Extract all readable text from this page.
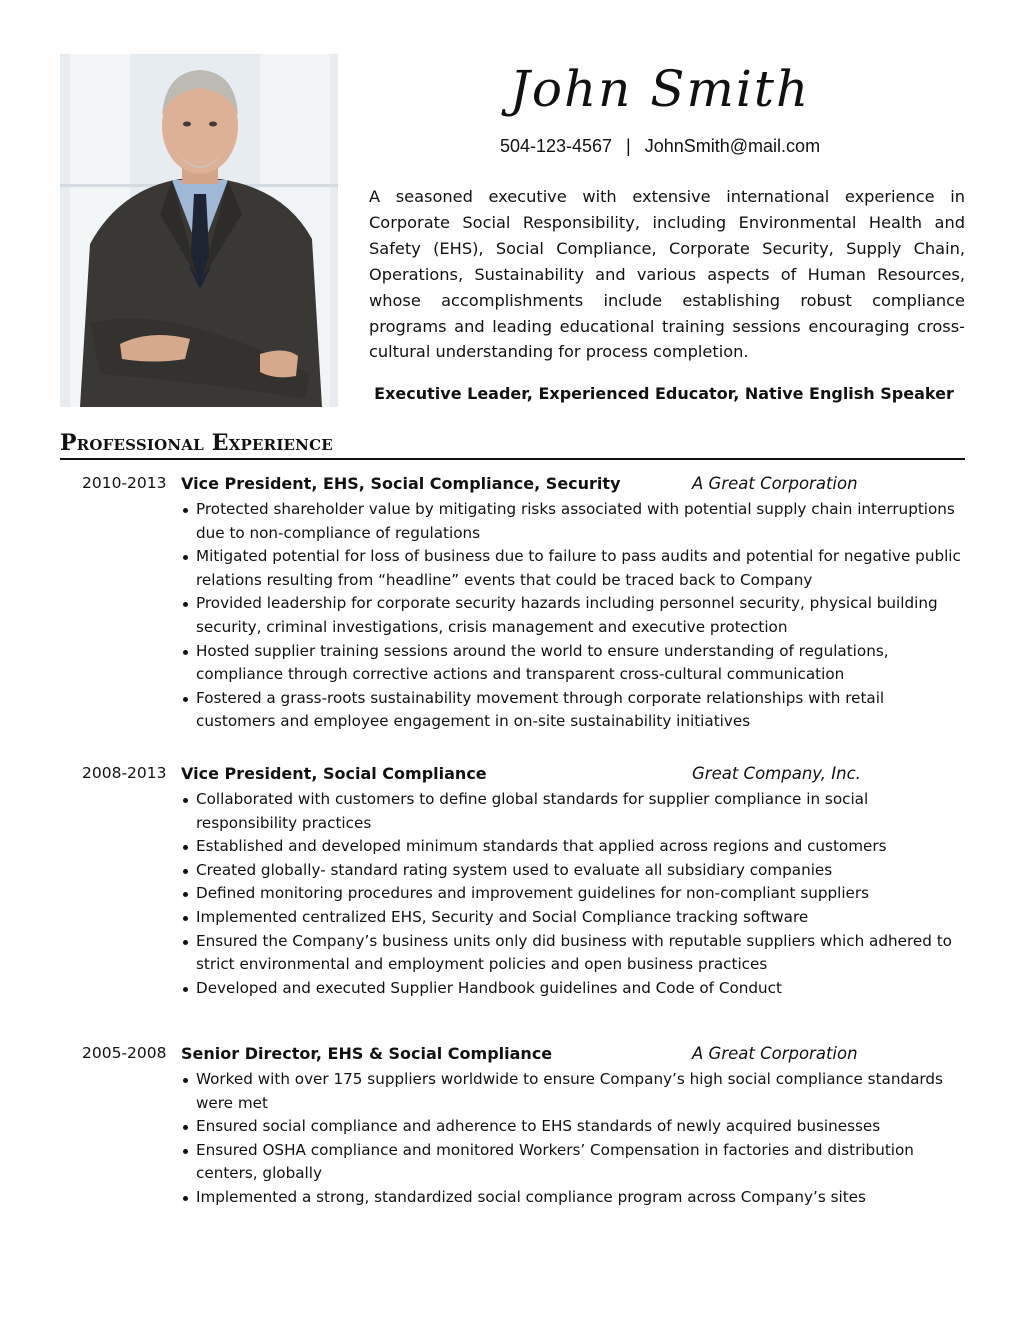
John Smith
504-123-4567 | JohnSmith@mail.com

A seasoned executive with extensive international experience in Corporate Social Responsibility, including Environmental Health and Safety (EHS), Social Compliance, Corporate Security, Supply Chain, Operations, Sustainability and various aspects of Human Resources, whose accomplishments include establishing robust compliance programs and leading educational training sessions encouraging cross-cultural understanding for process completion.

Executive Leader, Experienced Educator, Native English Speaker
Professional Experience
2010-2013 Vice President, EHS, Social Compliance, Security	A Great Corporation
Protected shareholder value by mitigating risks associated with potential supply chain interruptions due to non-compliance of regulations
Mitigated potential for loss of business due to failure to pass audits and potential for negative public relations resulting from “headline” events that could be traced back to Company
Provided leadership for corporate security hazards including personnel security, physical building security, criminal investigations, crisis management and executive protection
Hosted supplier training sessions around the world to ensure understanding of regulations, compliance through corrective actions and transparent cross-cultural communication
Fostered a grass-roots sustainability movement through corporate relationships with retail customers and employee engagement in on-site sustainability initiatives
2008-2013 Vice President, Social Compliance	Great Company, Inc.
Collaborated with customers to define global standards for supplier compliance in social responsibility practices
Established and developed minimum standards that applied across regions and customers
Created globally- standard rating system used to evaluate all subsidiary companies
Defined monitoring procedures and improvement guidelines for non-compliant suppliers
Implemented centralized EHS, Security and Social Compliance tracking software
Ensured the Company’s business units only did business with reputable suppliers which adhered to strict environmental and employment policies and open business practices
Developed and executed Supplier Handbook guidelines and Code of Conduct
2005-2008 Senior Director, EHS & Social Compliance	A Great Corporation
Worked with over 175 suppliers worldwide to ensure Company’s high social compliance standards were met
Ensured social compliance and adherence to EHS standards of newly acquired businesses
Ensured OSHA compliance and monitored Workers’ Compensation in factories and distribution centers, globally
Implemented a strong, standardized social compliance program across Company’s sites
